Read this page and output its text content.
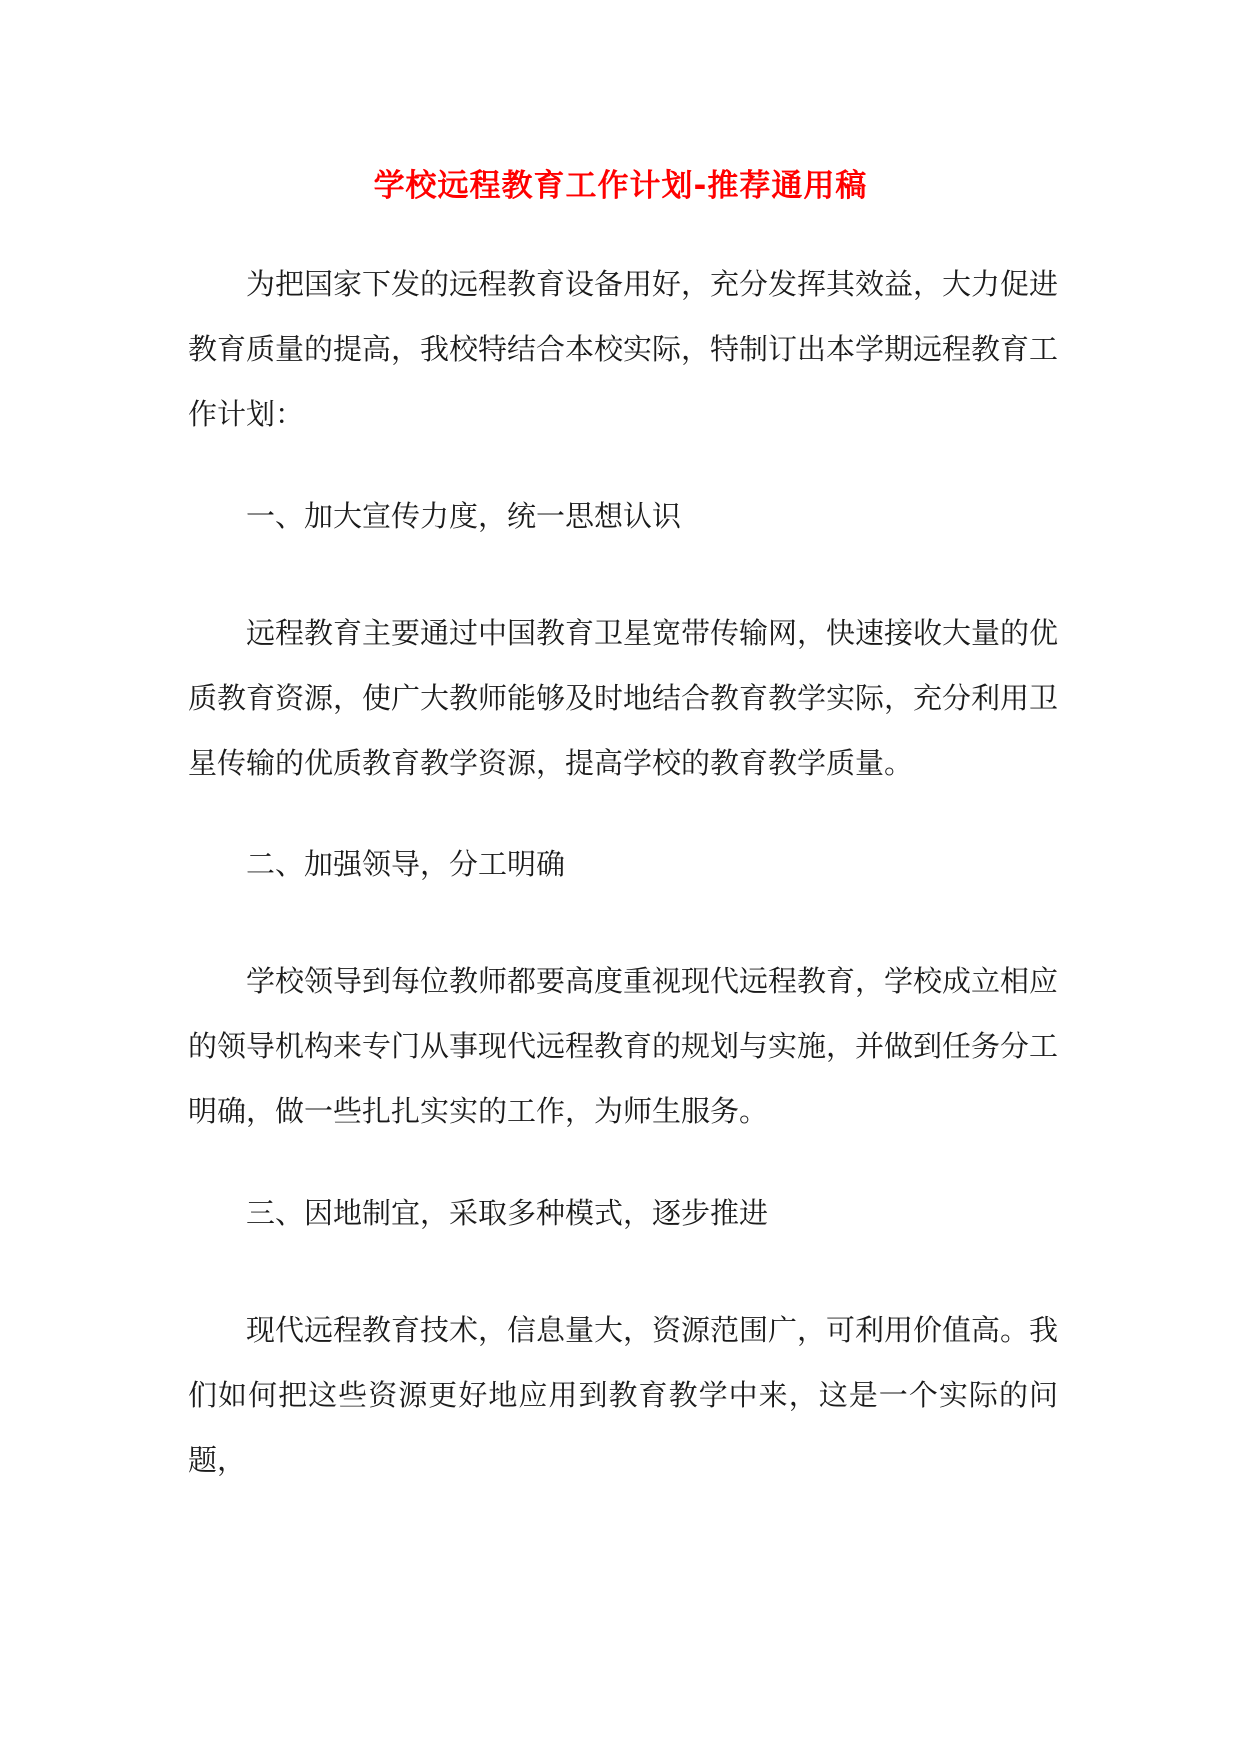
学校远程教育工作计划-推荐通用稿

为把国家下发的远程教育设备用好，充分发挥其效益，大力促进教育质量的提高，我校特结合本校实际，特制订出本学期远程教育工作计划：

一、加大宣传力度，统一思想认识

远程教育主要通过中国教育卫星宽带传输网，快速接收大量的优质教育资源，使广大教师能够及时地结合教育教学实际，充分利用卫星传输的优质教育教学资源，提高学校的教育教学质量。

二、加强领导，分工明确

学校领导到每位教师都要高度重视现代远程教育，学校成立相应的领导机构来专门从事现代远程教育的规划与实施，并做到任务分工明确，做一些扎扎实实的工作，为师生服务。

三、因地制宜，采取多种模式，逐步推进

现代远程教育技术，信息量大，资源范围广，可利用价值高。我们如何把这些资源更好地应用到教育教学中来，这是一个实际的问题，
